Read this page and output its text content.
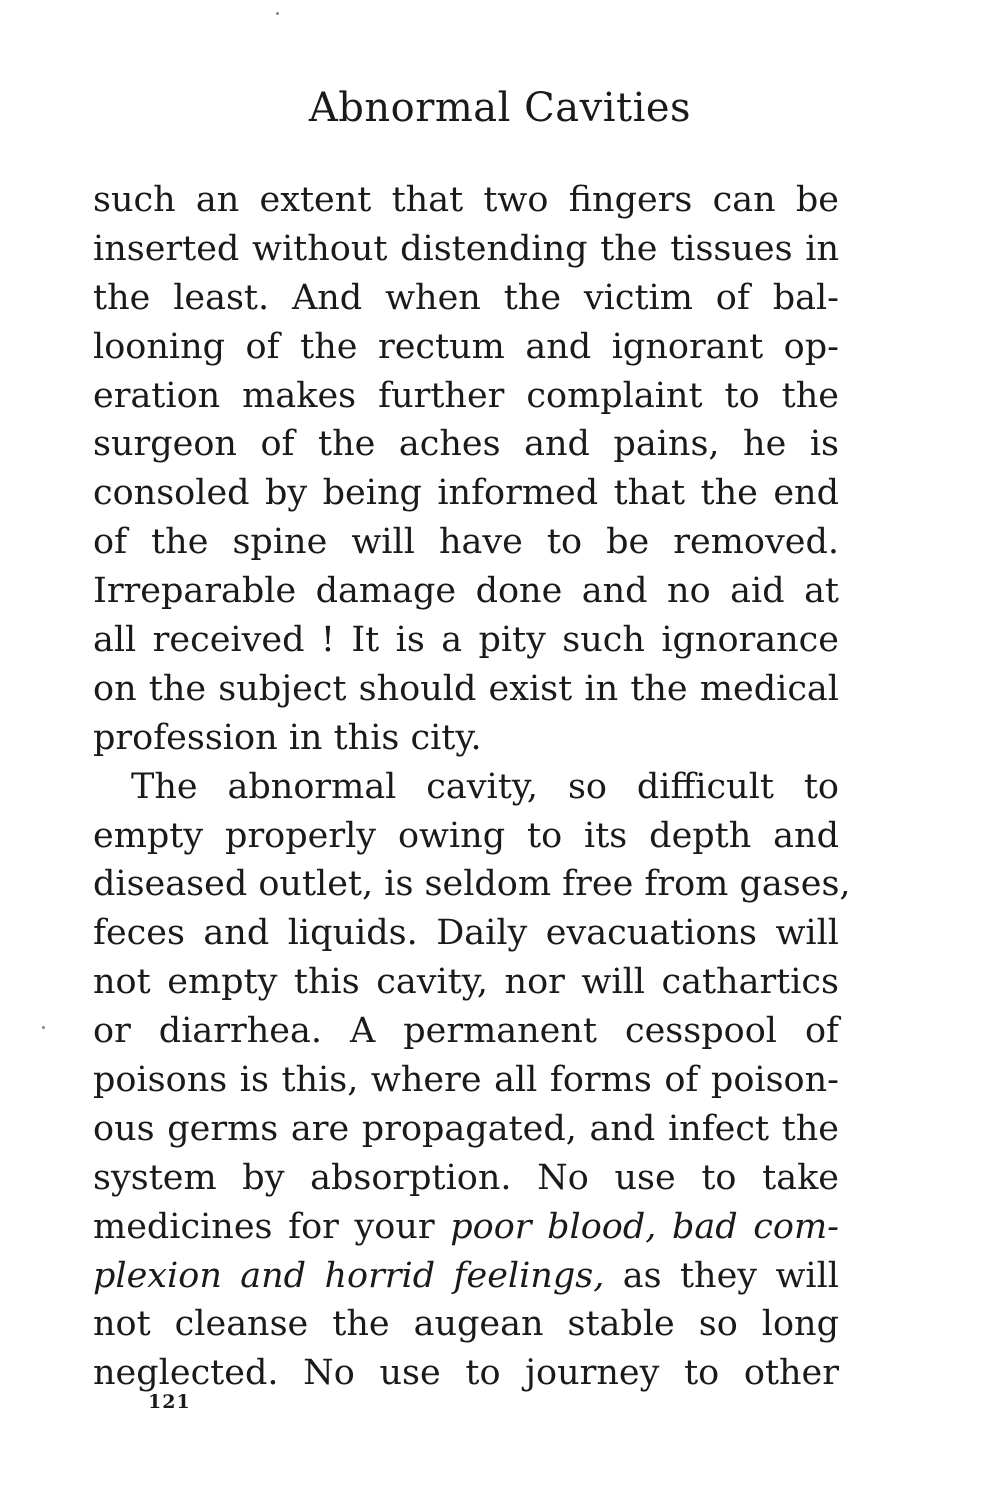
Abnormal Cavities
such an extent that two fingers can be
inserted without distending the tissues in
the least. And when the victim of bal-
looning of the rectum and ignorant op-
eration makes further complaint to the
surgeon of the aches and pains, he is
consoled by being informed that the end
of the spine will have to be removed.
Irreparable damage done and no aid at
all received ! It is a pity such ignorance
on the subject should exist in the medical
profession in this city.
The abnormal cavity, so difficult to
empty properly owing to its depth and
diseased outlet, is seldom free from gases,
feces and liquids. Daily evacuations will
not empty this cavity, nor will cathartics
or diarrhea. A permanent cesspool of
poisons is this, where all forms of poison-
ous germs are propagated, and infect the
system by absorption. No use to take
medicines for your poor blood, bad com-
plexion and horrid feelings, as they will
not cleanse the augean stable so long
neglected. No use to journey to other
121
